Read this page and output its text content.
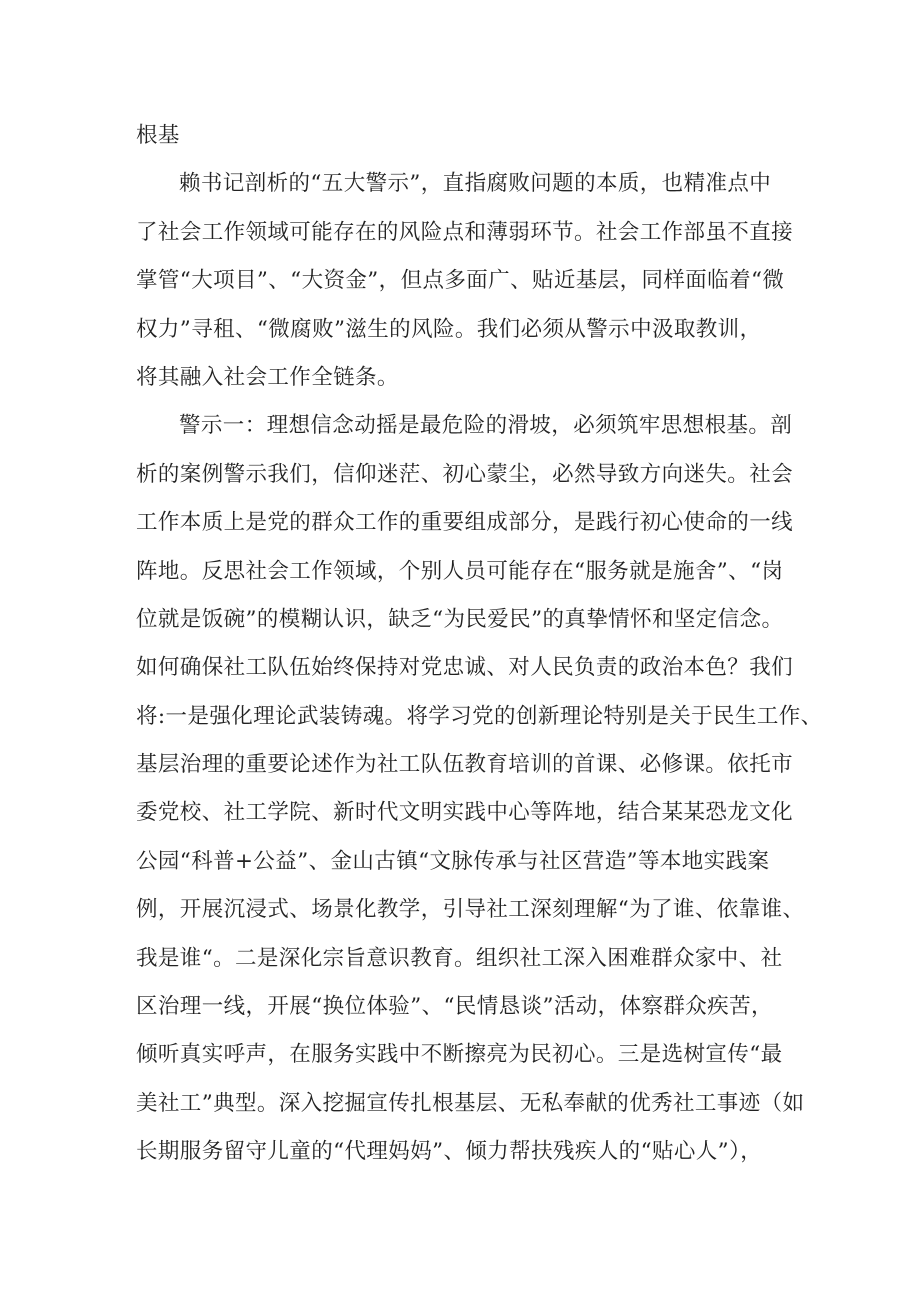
根基
赖书记剖析的“五大警示”，直指腐败问题的本质，也精准点中
了社会工作领域可能存在的风险点和薄弱环节。社会工作部虽不直接
掌管“大项目”、“大资金”，但点多面广、贴近基层，同样面临着“微
权力”寻租、“微腐败”滋生的风险。我们必须从警示中汲取教训，
将其融入社会工作全链条。
警示一：理想信念动摇是最危险的滑坡，必须筑牢思想根基。剖
析的案例警示我们，信仰迷茫、初心蒙尘，必然导致方向迷失。社会
工作本质上是党的群众工作的重要组成部分，是践行初心使命的一线
阵地。反思社会工作领域，个别人员可能存在“服务就是施舍”、“岗
位就是饭碗”的模糊认识，缺乏“为民爱民”的真挚情怀和坚定信念。
如何确保社工队伍始终保持对党忠诚、对人民负责的政治本色？我们
将:一是强化理论武装铸魂。将学习党的创新理论特别是关于民生工作、
基层治理的重要论述作为社工队伍教育培训的首课、必修课。依托市
委党校、社工学院、新时代文明实践中心等阵地，结合某某恐龙文化
公园“科普+公益”、金山古镇“文脉传承与社区营造”等本地实践案
例，开展沉浸式、场景化教学，引导社工深刻理解“为了谁、依靠谁、
我是谁“。二是深化宗旨意识教育。组织社工深入困难群众家中、社
区治理一线，开展“换位体验”、“民情恳谈”活动，体察群众疾苦，
倾听真实呼声，在服务实践中不断擦亮为民初心。三是选树宣传“最
美社工”典型。深入挖掘宣传扎根基层、无私奉献的优秀社工事迹（如
长期服务留守儿童的“代理妈妈”、倾力帮扶残疾人的“贴心人”），
